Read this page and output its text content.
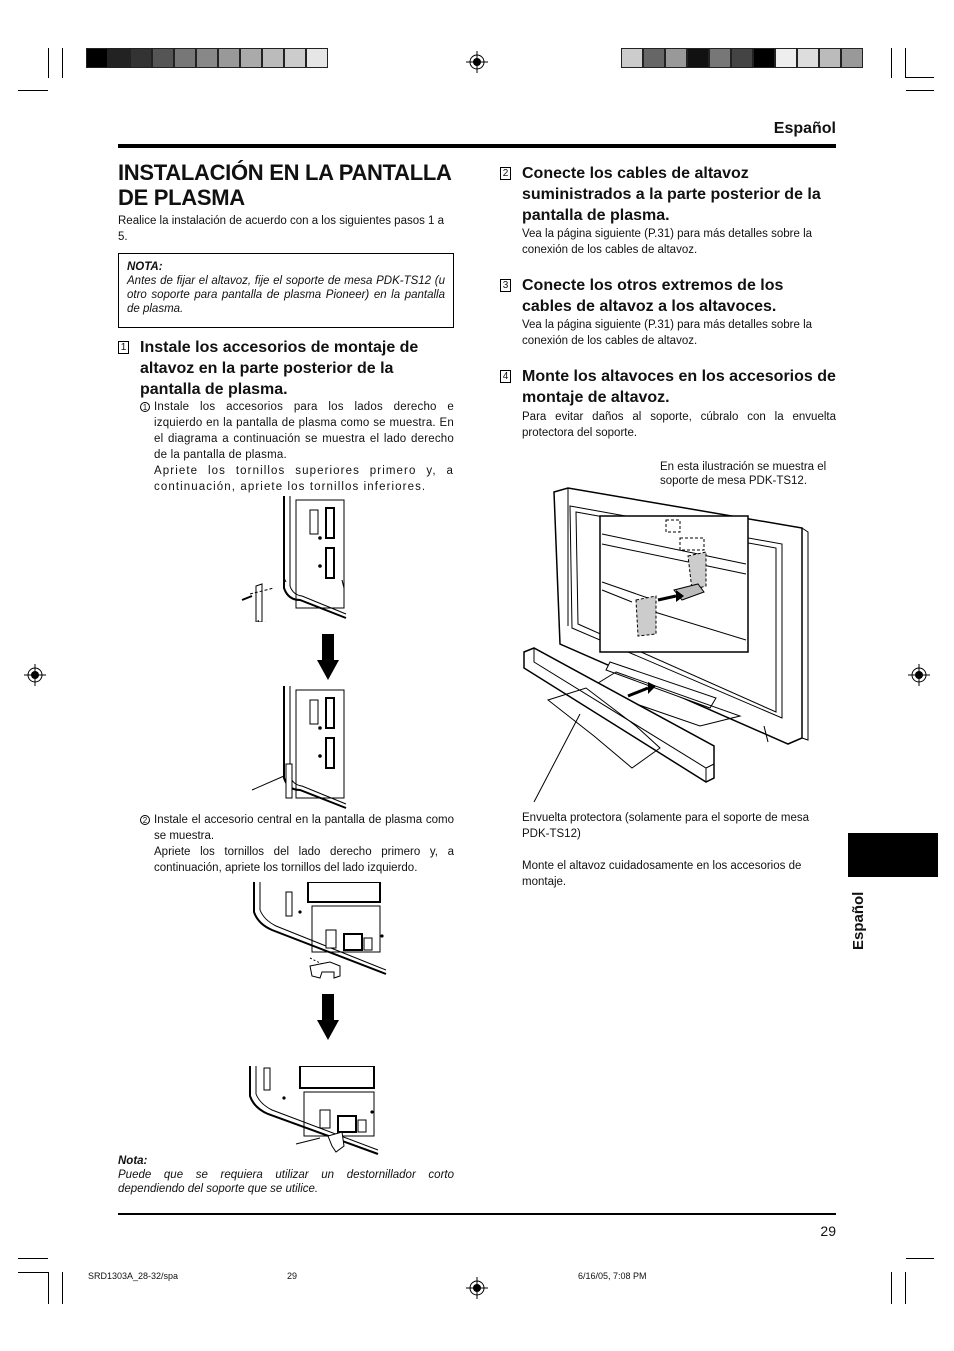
Español
INSTALACIÓN EN LA PANTALLA DE PLASMA
Realice la instalación de acuerdo con a los siguientes pasos 1 a 5.
NOTA:
Antes de fijar el altavoz, fije el soporte de mesa PDK-TS12 (u otro soporte para pantalla de plasma Pioneer) en la pantalla de plasma.
1 Instale los accesorios de montaje de altavoz en la parte posterior de la pantalla de plasma.
1 Instale los accesorios para los lados derecho e izquierdo en la pantalla de plasma como se muestra. En el diagrama a continuación se muestra el lado derecho de la pantalla de plasma.
Apriete los tornillos superiores primero y, a continuación, apriete los tornillos inferiores.
2 Instale el accesorio central en la pantalla de plasma como se muestra.
Apriete los tornillos del lado derecho primero y, a continuación, apriete los tornillos del lado izquierdo.
Nota:
Puede que se requiera utilizar un destornillador corto dependiendo del soporte que se utilice.
2 Conecte los cables de altavoz suministrados a la parte posterior de la pantalla de plasma.
Vea la página siguiente (P.31) para más detalles sobre la conexión de los cables de altavoz.
3 Conecte los otros extremos de los cables de altavoz a los altavoces.
Vea la página siguiente (P.31) para más detalles sobre la conexión de los cables de altavoz.
4 Monte los altavoces en los accesorios de montaje de altavoz.
Para evitar daños al soporte, cúbralo con la envuelta protectora del soporte.
En esta ilustración se muestra el soporte de mesa PDK-TS12.
Envuelta protectora (solamente para el soporte de mesa PDK-TS12)
Monte el altavoz cuidadosamente en los accesorios de montaje.
Español
29
SRD1303A_28-32/spa	29	6/16/05, 7:08 PM
